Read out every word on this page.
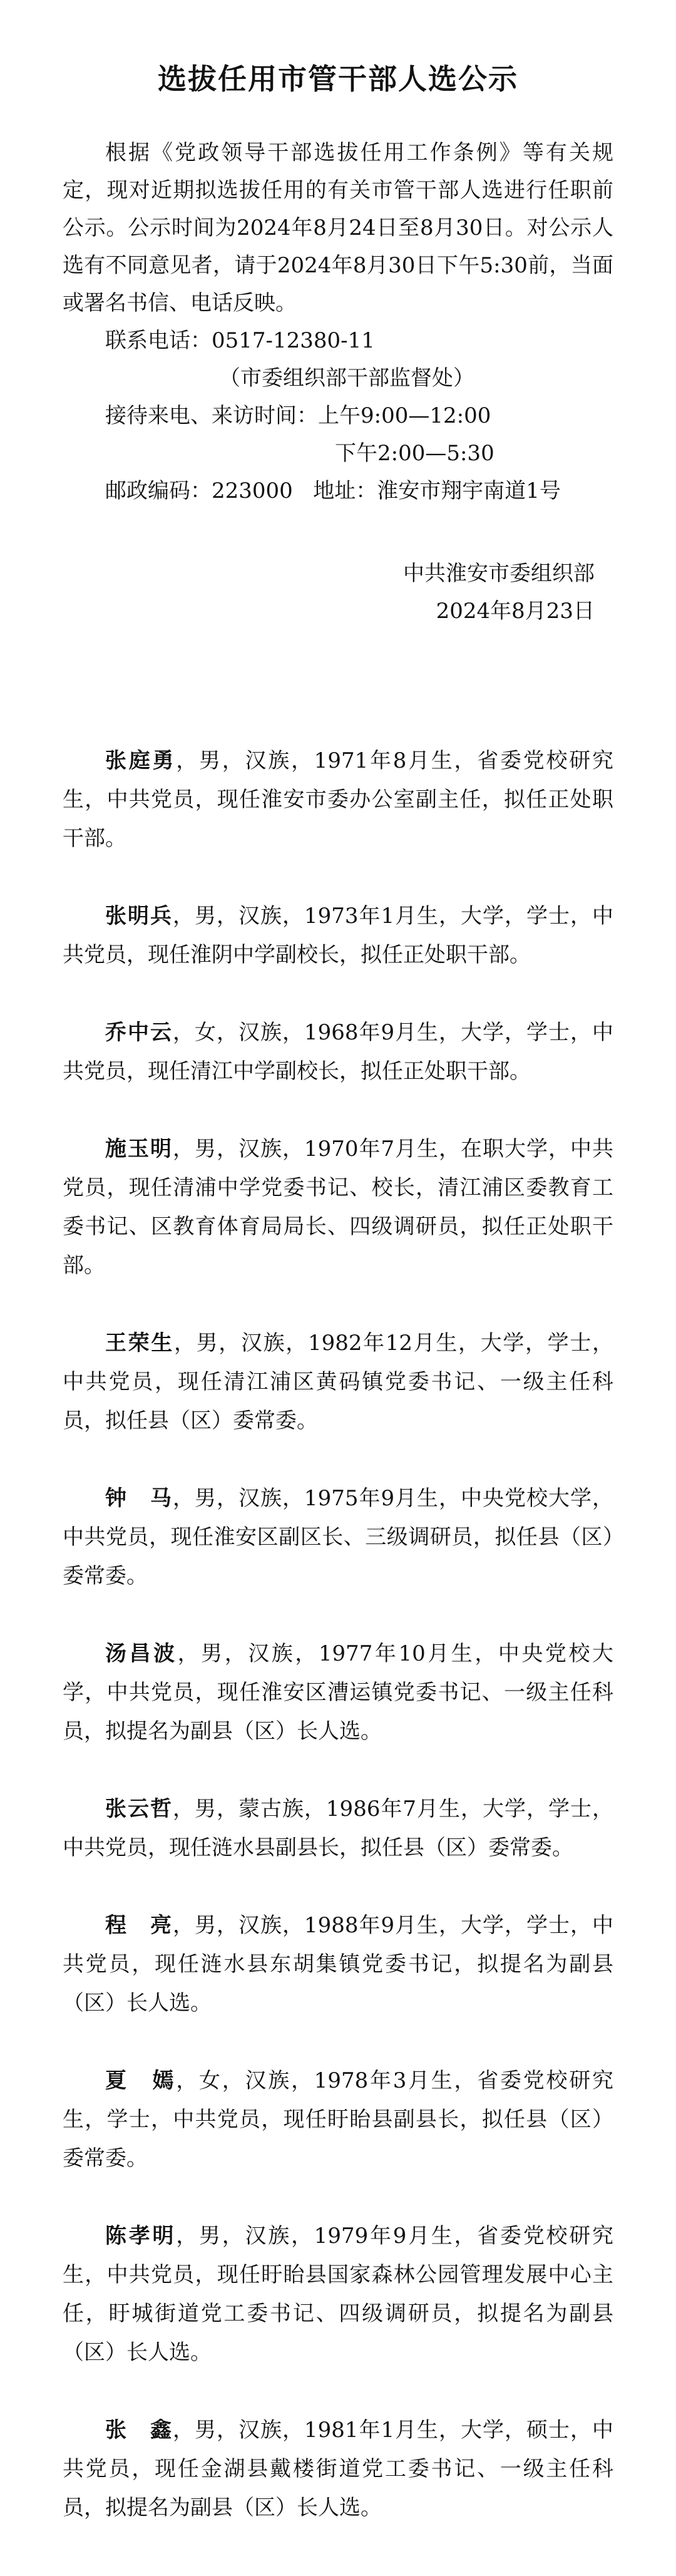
选拔任用市管干部人选公示

根据《党政领导干部选拔任用工作条例》等有关规定，现对近期拟选拔任用的有关市管干部人选进行任职前公示。公示时间为2024年8月24日至8月30日。对公示人选有不同意见者，请于2024年8月30日下午5:30前，当面或署名书信、电话反映。

联系电话：0517-12380-11

（市委组织部干部监督处）

接待来电、来访时间：上午9:00—12:00

下午2:00—5:30

邮政编码：223000   地址：淮安市翔宇南道1号

中共淮安市委组织部
2024年8月23日

张庭勇，男，汉族，1971年8月生，省委党校研究生，中共党员，现任淮安市委办公室副主任，拟任正处职干部。

张明兵，男，汉族，1973年1月生，大学，学士，中共党员，现任淮阴中学副校长，拟任正处职干部。

乔中云，女，汉族，1968年9月生，大学，学士，中共党员，现任清江中学副校长，拟任正处职干部。

施玉明，男，汉族，1970年7月生，在职大学，中共党员，现任清浦中学党委书记、校长，清江浦区委教育工委书记、区教育体育局局长、四级调研员，拟任正处职干部。

王荣生，男，汉族，1982年12月生，大学，学士，中共党员，现任清江浦区黄码镇党委书记、一级主任科员，拟任县（区）委常委。

钟　马，男，汉族，1975年9月生，中央党校大学，中共党员，现任淮安区副区长、三级调研员，拟任县（区）委常委。

汤昌波，男，汉族，1977年10月生，中央党校大学，中共党员，现任淮安区漕运镇党委书记、一级主任科员，拟提名为副县（区）长人选。

张云哲，男，蒙古族，1986年7月生，大学，学士，中共党员，现任涟水县副县长，拟任县（区）委常委。

程　亮，男，汉族，1988年9月生，大学，学士，中共党员，现任涟水县东胡集镇党委书记，拟提名为副县（区）长人选。

夏　嫣，女，汉族，1978年3月生，省委党校研究生，学士，中共党员，现任盱眙县副县长，拟任县（区）委常委。

陈孝明，男，汉族，1979年9月生，省委党校研究生，中共党员，现任盱眙县国家森林公园管理发展中心主任，盱城街道党工委书记、四级调研员，拟提名为副县（区）长人选。

张　鑫，男，汉族，1981年1月生，大学，硕士，中共党员，现任金湖县戴楼街道党工委书记、一级主任科员，拟提名为副县（区）长人选。
